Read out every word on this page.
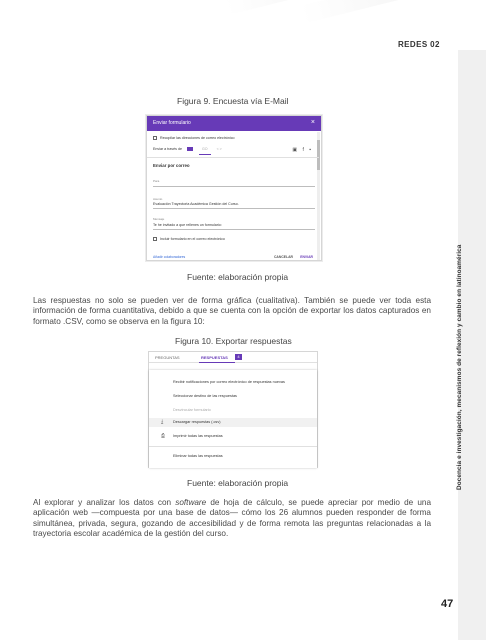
REDES 02
Docencia e investigación, mecanismos de reflexión y cambio en latinoamérica
Figura 9. Encuesta vía E-Mail
Enviar formulario	×
Recopilar las direcciones de correo electrónico
Enviar a través de	GO	< >	▣ f ▪
Enviar por correo
Para
Asunto
Evaluación Trayectoria Académica Gestión del Curso.
Mensaje
Te he invitado a que rellenes un formulario:
Incluir formulario en el correo electrónico
Añadir colaboradores	CANCELAR ENVIAR
Fuente: elaboración propia

Las respuestas no solo se pueden ver de forma gráfica (cualitativa). También se puede ver toda esta información de forma cuantitativa, debido a que se cuenta con la opción de exportar los datos capturados en formato .CSV, como se observa en la figura 10:

Figura 10. Exportar respuestas
PREGUNTAS	RESPUESTAS	4
Recibir notificaciones por correo electrónico de respuestas nuevas
Seleccionar destino de las respuestas
Desvincular formulario
⤓	Descargar respuestas (.csv)
⎙ Imprimir todas las respuestas
Eliminar todas las respuestas
Fuente: elaboración propia

Al explorar y analizar los datos con software de hoja de cálculo, se puede apreciar por medio de una aplicación web —compuesta por una base de datos— cómo los 26 alumnos pueden responder de forma simultánea, privada, segura, gozando de accesibilidad y de forma remota las preguntas relacionadas a la trayectoria escolar académica de la gestión del curso.

47
